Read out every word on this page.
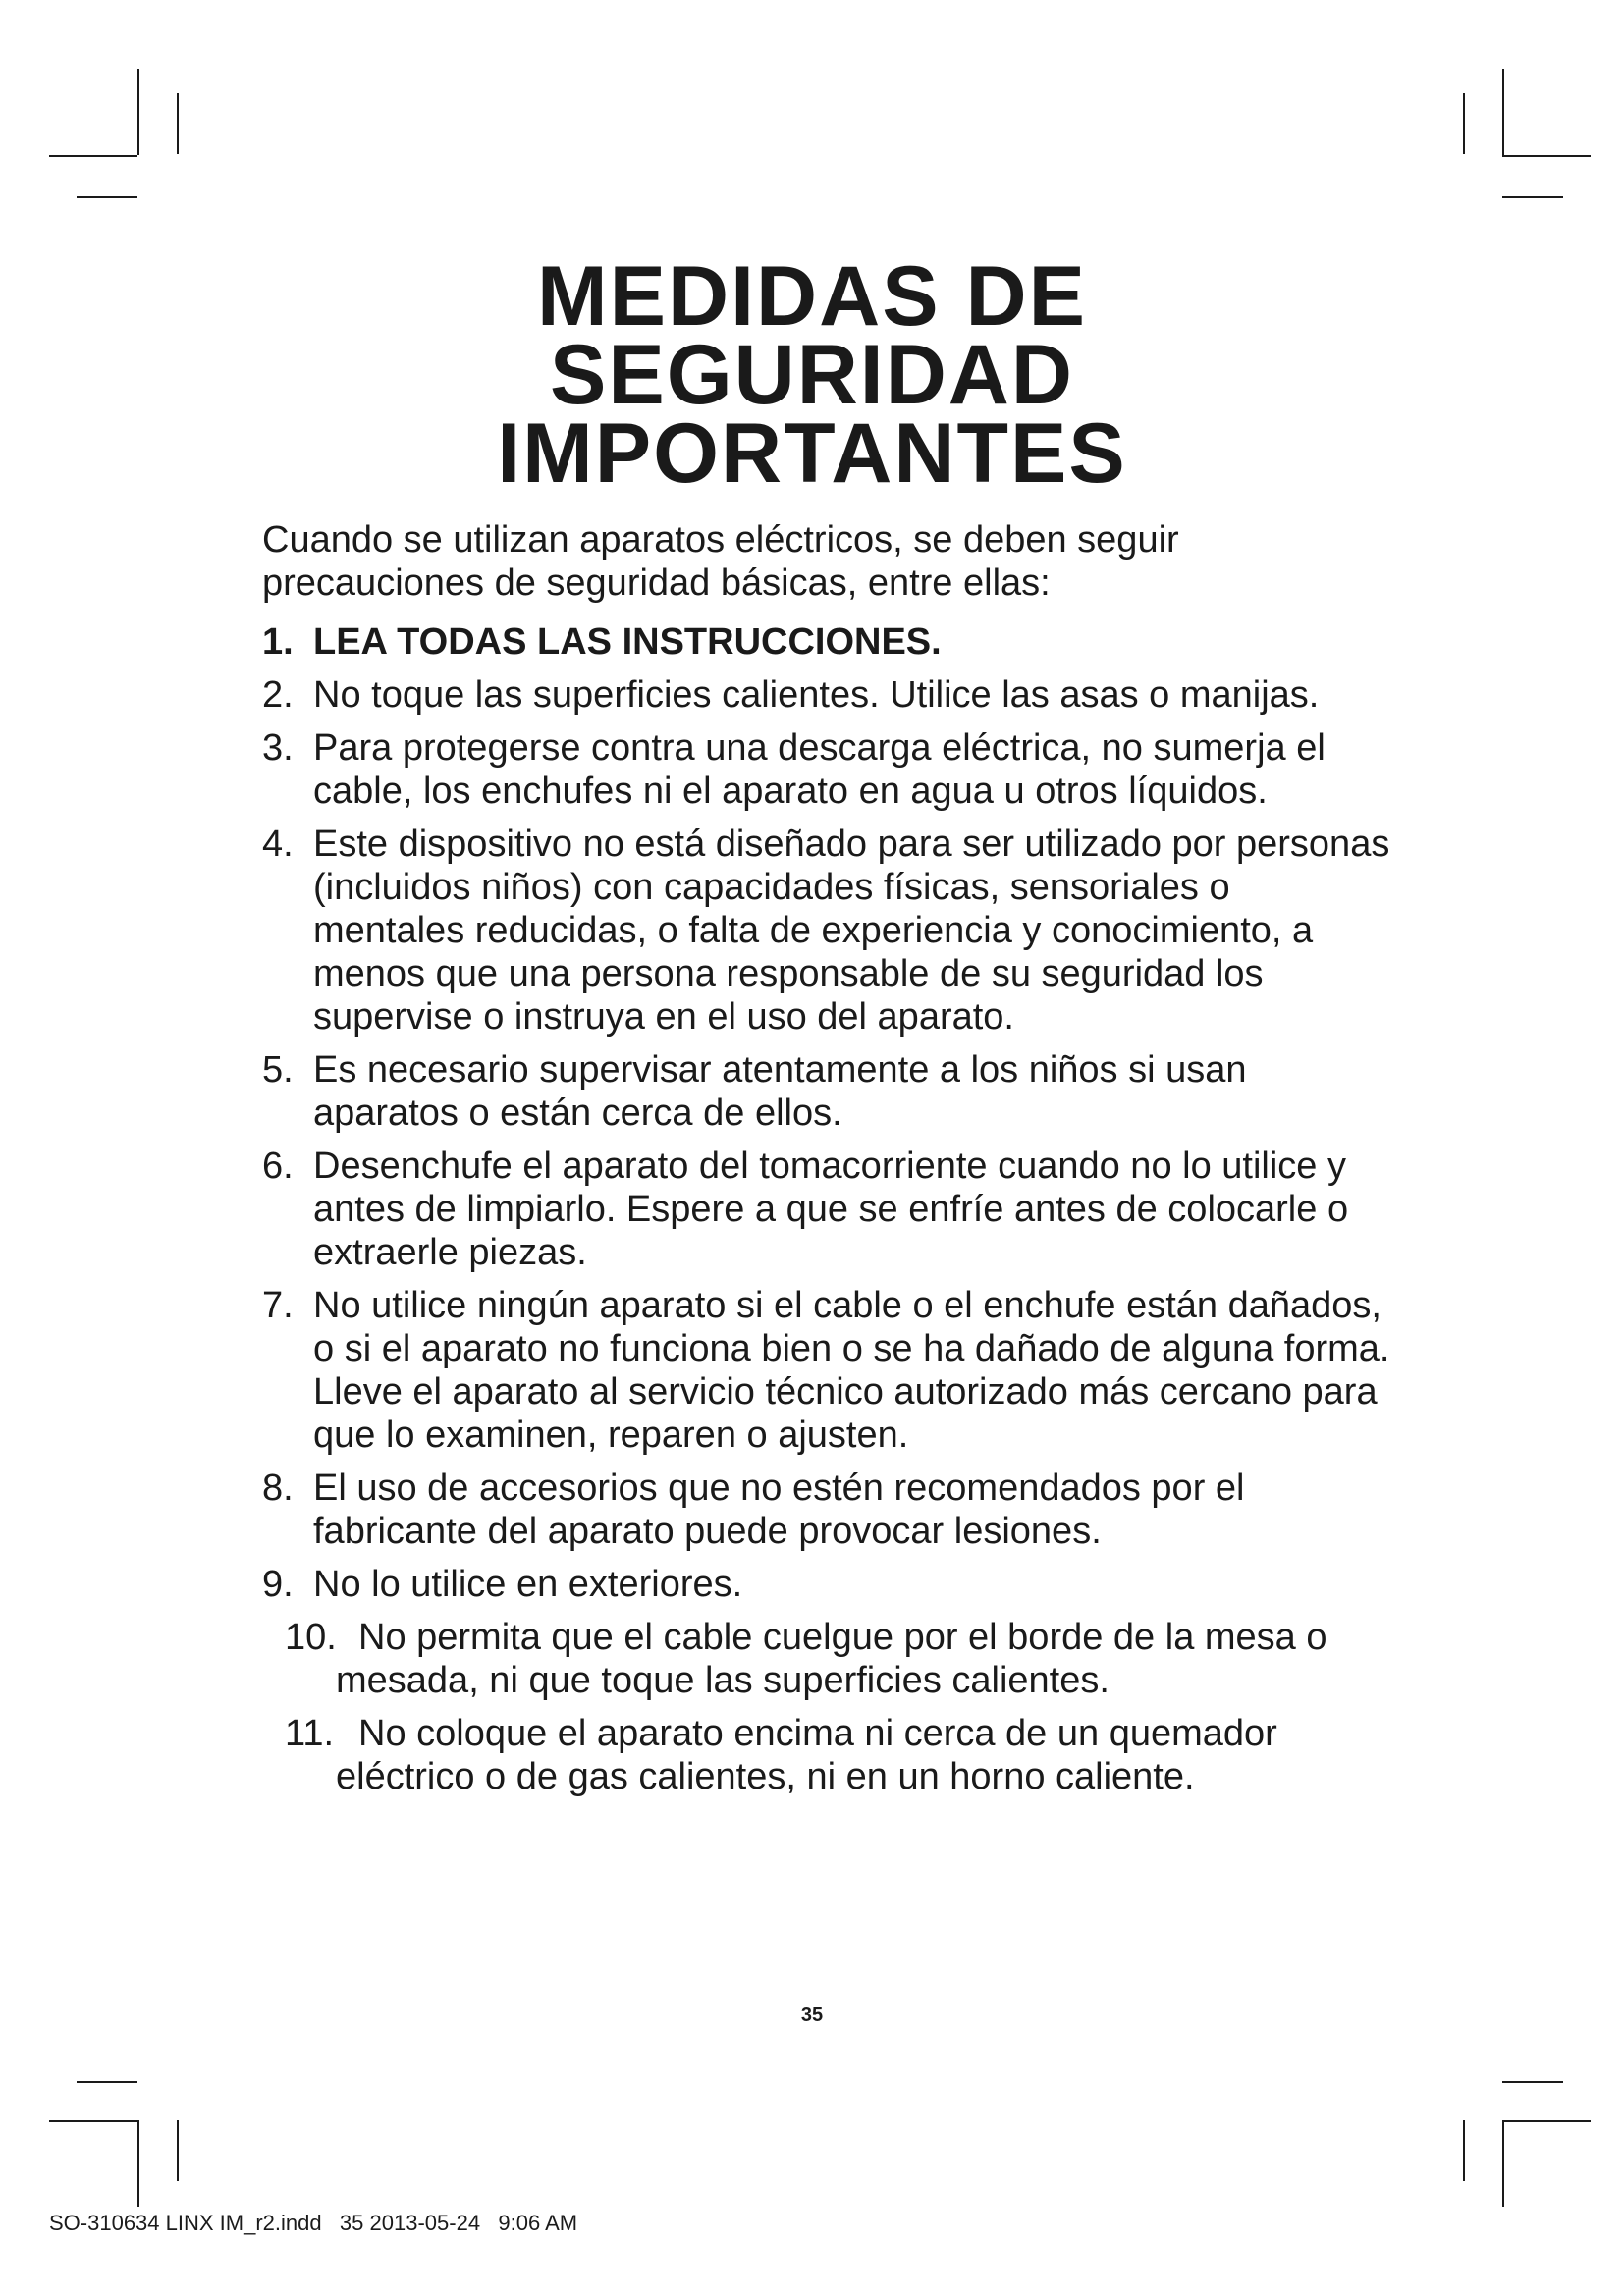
MEDIDAS DE
SEGURIDAD
IMPORTANTES

Cuando se utilizan aparatos eléctricos, se deben seguir precauciones de seguridad básicas, entre ellas:

1. LEA TODAS LAS INSTRUCCIONES.
2. No toque las superficies calientes. Utilice las asas o manijas.
3. Para protegerse contra una descarga eléctrica, no sumerja el cable, los enchufes ni el aparato en agua u otros líquidos.
4. Este dispositivo no está diseñado para ser utilizado por personas (incluidos niños) con capacidades físicas, sensoriales o mentales reducidas, o falta de experiencia y conocimiento, a menos que una persona responsable de su seguridad los supervise o instruya en el uso del aparato.
5. Es necesario supervisar atentamente a los niños si usan aparatos o están cerca de ellos.
6. Desenchufe el aparato del tomacorriente cuando no lo utilice y antes de limpiarlo. Espere a que se enfríe antes de colocarle o extraerle piezas.
7. No utilice ningún aparato si el cable o el enchufe están dañados, o si el aparato no funciona bien o se ha dañado de alguna forma. Lleve el aparato al servicio técnico autorizado más cercano para que lo examinen, reparen o ajusten.
8. El uso de accesorios que no estén recomendados por el fabricante del aparato puede provocar lesiones.
9. No lo utilice en exteriores.
10. No permita que el cable cuelgue por el borde de la mesa o mesada, ni que toque las superficies calientes.
11. No coloque el aparato encima ni cerca de un quemador eléctrico o de gas calientes, ni en un horno caliente.
35
SO-310634 LINX IM_r2.indd   35 2013-05-24   9:06 AM
